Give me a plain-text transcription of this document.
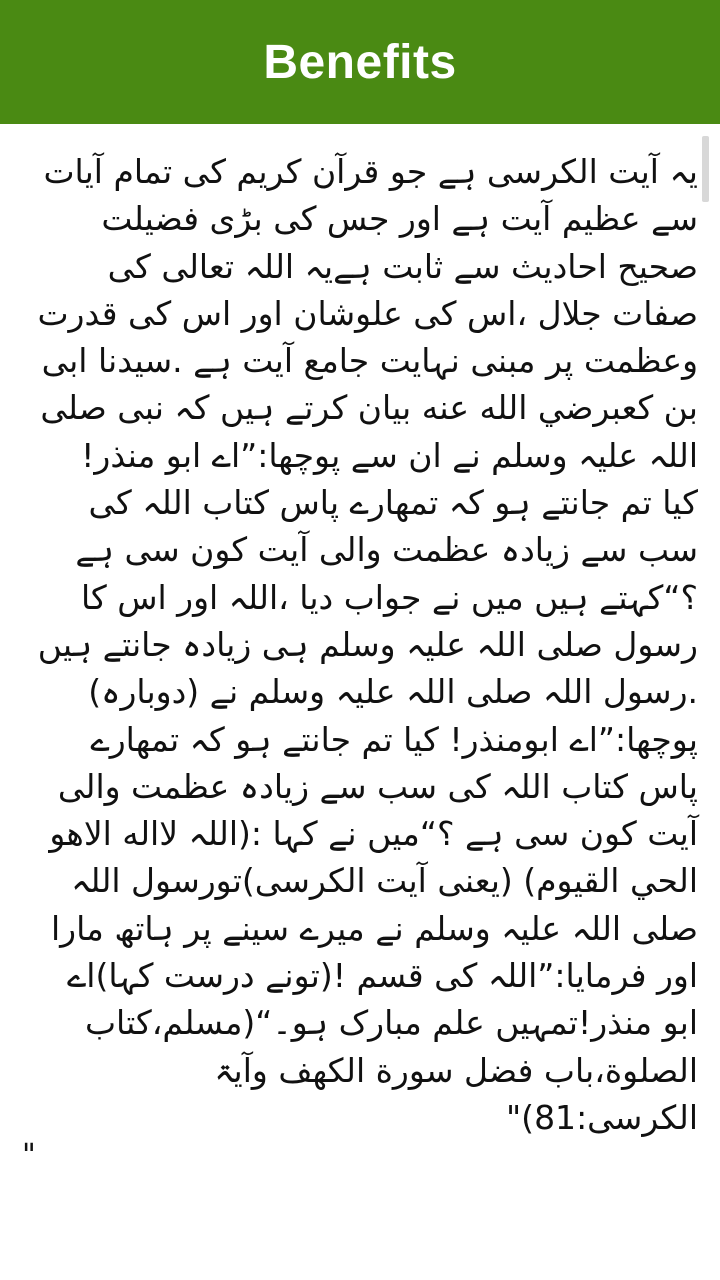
Benefits
یہ آیت الکرسی ہے جو قرآن کریم کی تمام آیات
سے عظیم آیت ہے اور جس کی بڑی فضیلت
صحیح احادیث سے ثابت ہےیہ اللہ تعالی کی
صفات جلال ،اس کی علوشان اور اس کی قدرت
وعظمت پر مبنی نہایت جامع آیت ہے .سیدنا ابی
بن کعبرضي الله عنه بیان کرتے ہیں کہ نبی صلی
اللہ علیہ وسلم نے ان سے پوچھا:”اے ابو منذر!
کیا تم جانتے ہو کہ تمھارے پاس کتاب اللہ کی
سب سے زیادہ عظمت والی آیت کون سی ہے
؟“کہتے ہیں میں نے جواب دیا ،اللہ اور اس کا
رسول صلی اللہ علیہ وسلم ہی زیادہ جانتے ہیں
.رسول اللہ صلی اللہ علیہ وسلم نے (دوبارہ)
پوچھا:”اے ابومنذر! کیا تم جانتے ہو کہ تمھارے
پاس کتاب اللہ کی سب سے زیادہ عظمت والی
آیت کون سی ہے ؟“میں نے کہا :(اللہ لااله الاهو
الحي القیوم) (یعنی آیت الکرسی)تورسول اللہ
صلی اللہ علیہ وسلم نے میرے سینے پر ہاتھ مارا
اور فرمایا:”اللہ کی قسم !(تونے درست کہا)اے
ابو منذر!تمہیں علم مبارک ہو۔“(مسلم،کتاب
الصلوة،باب فضل سورة الکھف وآیۃ
الکرسی:81)"
"
